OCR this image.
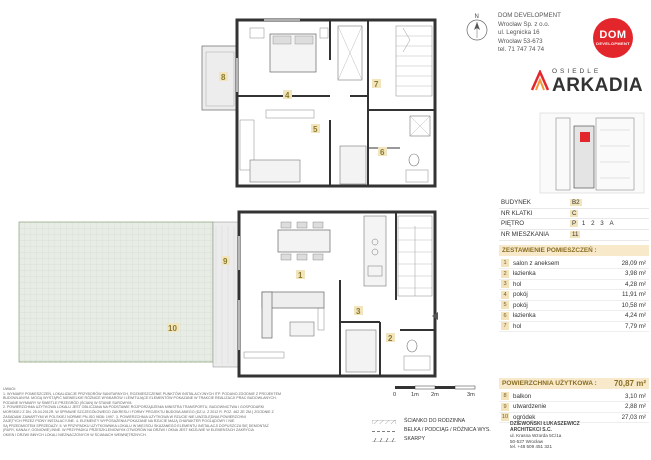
N
4
5
6
7
8
1
2
3
9
10
DOM DEVELOPMENT
Wrocław Sp. z o.o.
ul. Legnicka 16
Wrocław 53-673
tel. 71 747 74 74
DOM
DEVELOPMENT
OSIEDLE
ARKADIA
BUDYNEK	B2
NR KLATKI	C
PIĘTRO	P 1 2 3 A
NR MIESZKANIA	11
ZESTAWIENIE POMIESZCZEŃ :
1	salon z aneksem	28,09 m²
2	łazienka	3,98 m²
3	hol	4,28 m²
4	pokój	11,91 m²
5	pokój	10,58 m²
6	łazienka	4,24 m²
7	hol	7,79 m²
POWIERZCHNIA UŻYTKOWA : 70,87 m²
8	balkon	3,10 m²
9	utwardzenie	2,88 m²
10 ogródek	27,03 m²

UWAGI:

1. WYMIARY POMIESZCZEŃ, LOKALIZACJE PRZYBORÓW SANITARNYCH, ROZMIESZCZENIE PUNKTÓW INSTALACYJNYCH ITP. PODANO ZGODNIE Z PROJEKTEM

BUDOWLANYM. MOGĄ WYSTĄPIĆ NIEWIELKIE RÓŻNICE WYMIARÓW I LEWITUJĄCE ELEMENTÓW POKAZANE W TRAKCIE REALIZACJI PRAC BUDOWLANYCH.

PODANE WYMIARY W ŚWIETLE PRZEGRÓD (ŚCIAN) W STANIE SUROWYM.

2. POWIERZCHNIA UŻYTKOWA LOKALU JEST OBLICZANA NA PODSTAWIE ROZPORZĄDZENIA MINISTRA TRANSPORTU, BUDOWNICTWA I GOSPODARKI

MORSKIEJ Z DN. 25.04.2012R. W SPRAWIE SZCZEGÓŁOWEGO ZAKRESU I FORMY PROJEKTU BUDOWLANEGO (DZ.U. Z 2012 R. POZ. 462 ZE ZM.) ZGODNIE Z

ZASADAMI ZAWARTYMI W POLSKIEJ NORMIE PN-ISO 9836: 1997. 3. POWIERZCHNIA UŻYTKOWA W RZUCIE NIE UWZGLĘDNIA POWIERZCHNI

ZAJĘTYCH PRZEZ PIONY INSTALACYJNE. 4. ELEMENTY WYPOSAŻENIA POKAZANE NA RZUCIE MAJĄ CHARAKTER POGLĄDOWY I NIE

SĄ PRZEDMIOTEM SPRZEDAŻY. 5. W PRZYPADKU UŻYTKOWNIKA LOKALU W MIEJSCU SKAZANEGO ELEMENTU INSTALACJI DOPUSZCZA SIĘ DEMONTAŻ

(RURY, KANAŁY, OGNIOWE) INNE. W PRZYPADKU PRZESZKLENIOWYM OTWORÓW NA DRZWI I OKNA JEST MOŻLIWE W ELEMENTACH ZAKRYCIA

OKIEN I DRZWI INNYCH LOKALI NIEZNACZONYCH W ŚCIANACH WEWNĘTRZNYCH.

0	1m 2m	3m
ŚCIANKO DO RODZINNA
BELKA / PODCIĄG / RÓŻNICA WYS.
SKARPY
DZIEWOŃSKI ŁUKASZEWICZ
ARCHITEKCI S.C.
ul. Krasna Wzorda 5C/1a
50-527 Wrocław
tel. +48 509 451 321
